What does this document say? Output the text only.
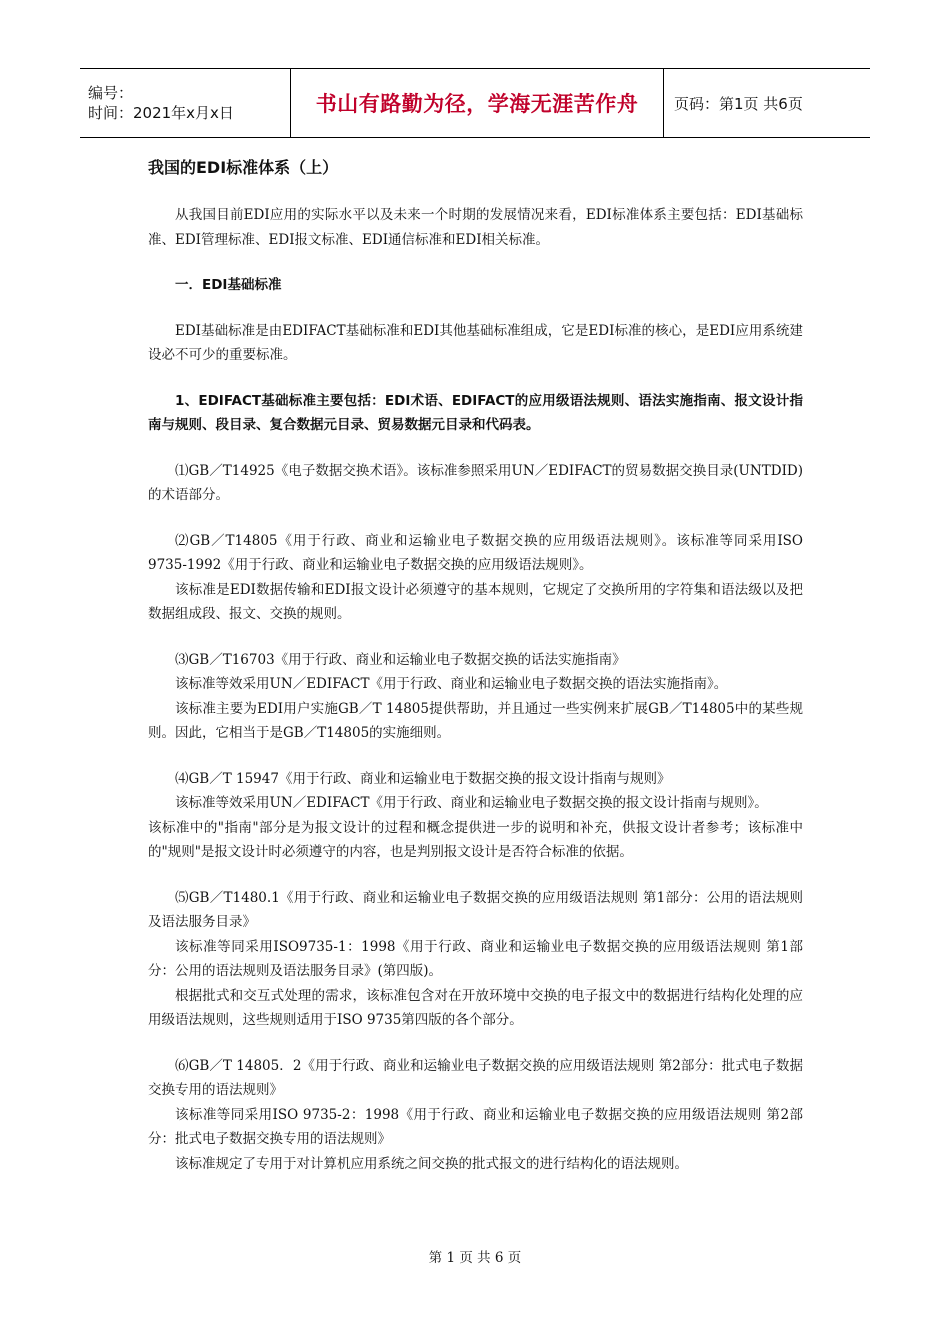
编号：
时间：2021年x月x日	书山有路勤为径，学海无涯苦作舟 页码：第1页 共6页
我国的EDI标准体系（上）

从我国目前EDI应用的实际水平以及未来一个时期的发展情况来看，EDI标准体系主要包括：EDI基础标准、EDI管理标准、EDI报文标准、EDI通信标准和EDI相关标准。

一．EDI基础标准

EDI基础标准是由EDIFACT基础标准和EDI其他基础标准组成，它是EDI标准的核心，是EDI应用系统建设必不可少的重要标准。

1、EDIFACT基础标准主要包括：EDI术语、EDIFACT的应用级语法规则、语法实施指南、报文设计指南与规则、段目录、复合数据元目录、贸易数据元目录和代码表。

⑴GB／T14925《电子数据交换术语》。该标准参照采用UN／EDIFACT的贸易数据交换目录(UNTDID)的术语部分。

⑵GB／T14805《用于行政、商业和运输业电子数据交换的应用级语法规则》。该标准等同采用ISO 9735-1992《用于行政、商业和运输业电子数据交换的应用级语法规则》。

该标准是EDI数据传输和EDI报文设计必须遵守的基本规则，它规定了交换所用的字符集和语法级以及把数据组成段、报文、交换的规则。

⑶GB／T16703《用于行政、商业和运输业电子数据交换的话法实施指南》

该标准等效采用UN／EDIFACT《用于行政、商业和运输业电子数据交换的语法实施指南》。

该标准主要为EDI用户实施GB／T 14805提供帮助，并且通过一些实例来扩展GB／T14805中的某些规则。因此，它相当于是GB／T14805的实施细则。

⑷GB／T 15947《用于行政、商业和运输业电于数据交换的报文设计指南与规则》

该标准等效采用UN／EDIFACT《用于行政、商业和运输业电子数据交换的报文设计指南与规则》。

该标准中的"指南"部分是为报文设计的过程和概念提供进一步的说明和补充，供报文设计者参考；该标准中的"规则"是报文设计时必须遵守的内容，也是判别报文设计是否符合标准的依据。

⑸GB／T1480.1《用于行政、商业和运输业电子数据交换的应用级语法规则 第1部分：公用的语法规则及语法服务目录》

该标准等同采用ISO9735-1：1998《用于行政、商业和运输业电子数据交换的应用级语法规则 第1部分：公用的语法规则及语法服务目录》(第四版)。

根据批式和交互式处理的需求，该标准包含对在开放环境中交换的电子报文中的数据进行结构化处理的应用级语法规则，这些规则适用于ISO 9735第四版的各个部分。

⑹GB／T 14805．2《用于行政、商业和运输业电子数据交换的应用级语法规则 第2部分：批式电子数据交换专用的语法规则》

该标准等同采用ISO 9735-2：1998《用于行政、商业和运输业电子数据交换的应用级语法规则 第2部分：批式电子数据交换专用的语法规则》

该标准规定了专用于对计算机应用系统之间交换的批式报文的进行结构化的语法规则。

第 1 页 共 6 页
